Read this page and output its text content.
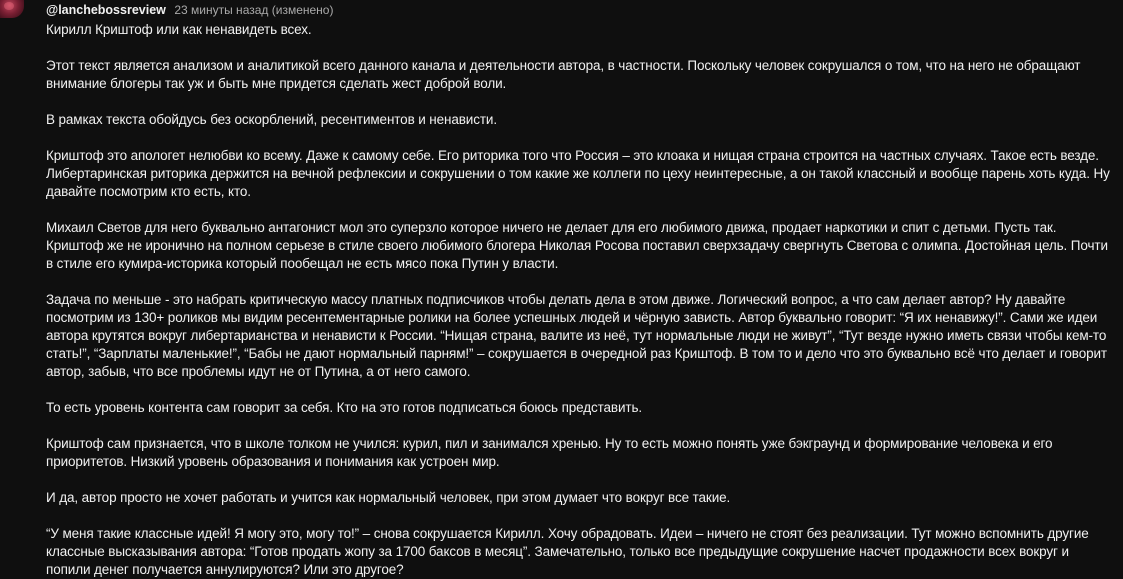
@lanchebossreview 23 минуты назад (изменено)

Кирилл Криштоф или как ненавидеть всех.

Этот текст является анализом и аналитикой всего данного канала и деятельности автора, в частности. Поскольку человек сокрушался о том, что на него не обращают внимание блогеры так уж и быть мне придется сделать жест доброй воли.

В рамках текста обойдусь без оскорблений, ресентиментов и ненависти.

Криштоф это апологет нелюбви ко всему. Даже к самому себе. Его риторика того что Россия – это клоака и нищая страна строится на частных случаях. Такое есть везде. Либертаринская риторика держится на вечной рефлексии и сокрушении о том какие же коллеги по цеху неинтересные, а он такой классный и вообще парень хоть куда. Ну давайте посмотрим кто есть, кто.

Михаил Светов для него буквально антагонист мол это суперзло которое ничего не делает для его любимого движа, продает наркотики и спит с детьми. Пусть так. Криштоф же не иронично на полном серьезе в стиле своего любимого блогера Николая Росова поставил сверхзадачу свергнуть Светова с олимпа. Достойная цель. Почти в стиле его кумира-историка который пообещал не есть мясо пока Путин у власти.

Задача по меньше - это набрать критическую массу платных подписчиков чтобы делать дела в этом движе. Логический вопрос, а что сам делает автор? Ну давайте посмотрим из 130+ роликов мы видим ресентементарные ролики на более успешных людей и чёрную зависть. Автор буквально говорит: “Я их ненавижу!”. Сами же идеи автора крутятся вокруг либертарианства и ненависти к России. “Нищая страна, валите из неё, тут нормальные люди не живут”, “Тут везде нужно иметь связи чтобы кем-то стать!”, “Зарплаты маленькие!”, “Бабы не дают нормальный парням!” – сокрушается в очередной раз Криштоф. В том то и дело что это буквально всё что делает и говорит автор, забыв, что все проблемы идут не от Путина, а от него самого.

То есть уровень контента сам говорит за себя. Кто на это готов подписаться боюсь представить.

Криштоф сам признается, что в школе толком не учился: курил, пил и занимался хренью. Ну то есть можно понять уже бэкграунд и формирование человека и его приоритетов. Низкий уровень образования и понимания как устроен мир.

И да, автор просто не хочет работать и учится как нормальный человек, при этом думает что вокруг все такие.

“У меня такие классные идей! Я могу это, могу то!” – снова сокрушается Кирилл. Хочу обрадовать. Идеи – ничего не стоят без реализации. Тут можно вспомнить другие классные высказывания автора: “Готов продать жопу за 1700 баксов в месяц”. Замечательно, только все предыдущие сокрушение насчет продажности всех вокруг и попили денег получается аннулируются? Или это другое?
